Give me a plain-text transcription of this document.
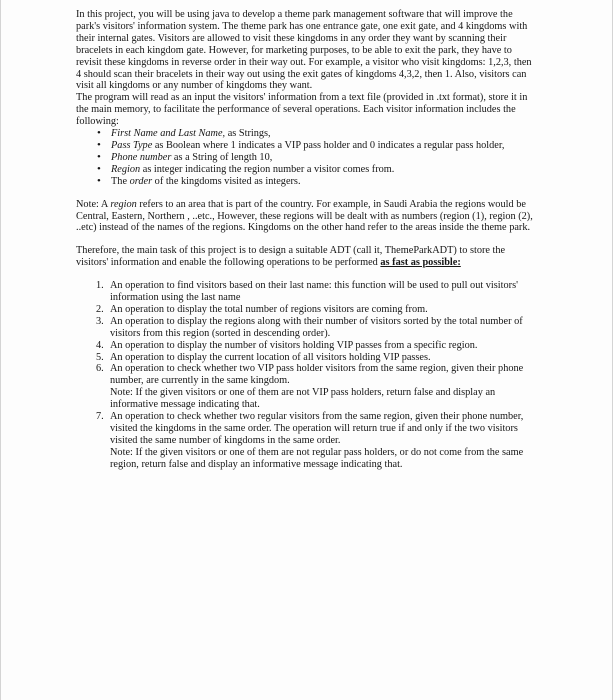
In this project, you will be using java to develop a theme park management software that will improve the park's visitors' information system. The theme park has one entrance gate, one exit gate, and 4 kingdoms with their internal gates. Visitors are allowed to visit these kingdoms in any order they want by scanning their bracelets in each kingdom gate. However, for marketing purposes, to be able to exit the park, they have to revisit these kingdoms in reverse order in their way out. For example, a visitor who visit kingdoms: 1,2,3, then 4 should scan their bracelets in their way out using the exit gates of kingdoms 4,3,2, then 1. Also, visitors can visit all kingdoms or any number of kingdoms they want.

The program will read as an input the visitors' information from a text file (provided in .txt format), store it in the main memory, to facilitate the performance of several operations. Each visitor information includes the following:

• First Name and Last Name, as Strings,
• Pass Type as Boolean where 1 indicates a VIP pass holder and 0 indicates a regular pass holder,
• Phone number as a String of length 10,
• Region as integer indicating the region number a visitor comes from.
• The order of the kingdoms visited as integers.

Note: A region refers to an area that is part of the country. For example, in Saudi Arabia the regions would be Central, Eastern, Northern , ..etc., However, these regions will be dealt with as numbers (region (1), region (2), ..etc) instead of the names of the regions. Kingdoms on the other hand refer to the areas inside the theme park.

Therefore, the main task of this project is to design a suitable ADT (call it, ThemeParkADT) to store the visitors' information and enable the following operations to be performed as fast as possible:

1. An operation to find visitors based on their last name: this function will be used to pull out visitors' information using the last name
2. An operation to display the total number of regions visitors are coming from.
3. An operation to display the regions along with their number of visitors sorted by the total number of visitors from this region (sorted in descending order).
4. An operation to display the number of visitors holding VIP passes from a specific region.
5. An operation to display the current location of all visitors holding VIP passes.
6. An operation to check whether two VIP pass holder visitors from the same region, given their phone number, are currently in the same kingdom.
Note: If the given visitors or one of them are not VIP pass holders, return false and display an informative message indicating that.
7. An operation to check whether two regular visitors from the same region, given their phone number, visited the kingdoms in the same order. The operation will return true if and only if the two visitors visited the same number of kingdoms in the same order.
Note: If the given visitors or one of them are not regular pass holders, or do not come from the same region, return false and display an informative message indicating that.
